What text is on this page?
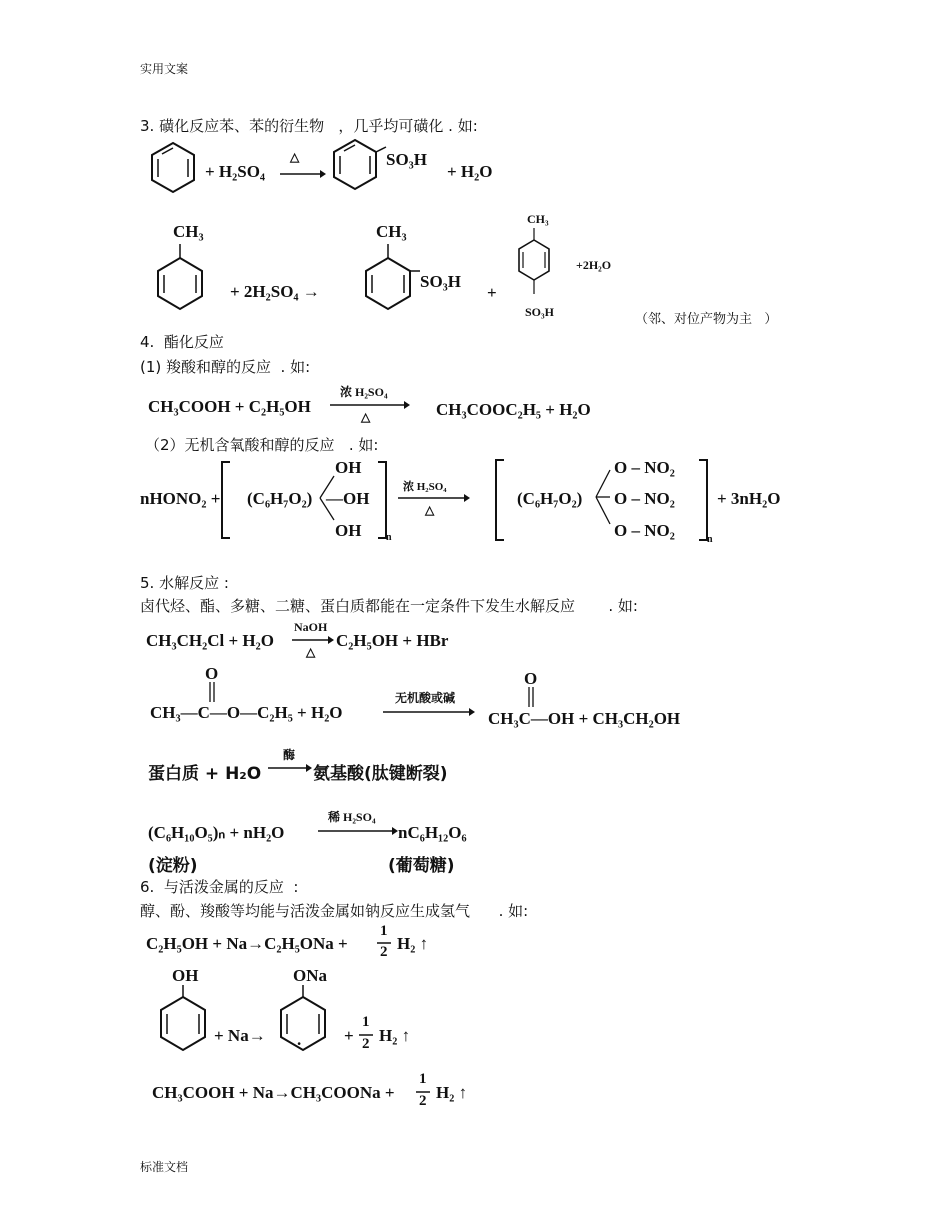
实用文案
3. 磺化反应苯、苯的衍生物   ，几乎均可磺化 . 如:
+ H₂SO₄
△	SO₃H
+ H₂O
CH₃
+ 2H₂SO₄ →
CH₃
SO₃H
+
CH₃
SO₃H
+2H₂O
（邻、对位产物为主   ）
4.  酯化反应
(1) 羧酸和醇的反应  . 如:
CH₃COOH + C₂H₅OH
浓 H₂SO₄
△	CH₃COOC₂H₅ + H₂O
（2）无机含氧酸和醇的反应   . 如:
nHONO₂ + (C₆H₇O₂)
OH
—OH
OH n
浓 H₂SO₄
△
(C₆H₇O₂)
O – NO₂
O – NO₂
O – NO₂	n
+ 3nH₂O
5. 水解反应 :
卤代烃、酯、多糖、二糖、蛋白质都能在一定条件下发生水解反应       . 如:
CH₃CH₂Cl + H₂O
NaOH
△
C₂H₅OH + HBr
O
CH₃—C—O—C₂H₅ + H₂O
无机酸或碱
O
CH₃C—OH + CH₃CH₂OH
蛋白质 + H₂O
酶
→ 氨基酸(肽键断裂)
(C₆H₁₀O₅)ₙ + nH₂O
稀 H₂SO₄
nC₆H₁₂O₆
(淀粉)	(葡萄糖)
6.  与活泼金属的反应  :
醇、酚、羧酸等均能与活泼金属如钠反应生成氢气      . 如:
C₂H₅OH + Na→C₂H₅ONa +
1
2 H₂ ↑
OH
+ Na→
ONa
.	+
1
2 H₂ ↑
CH₃COOH + Na→CH₃COONa +
1
2 H₂ ↑
标准文档
